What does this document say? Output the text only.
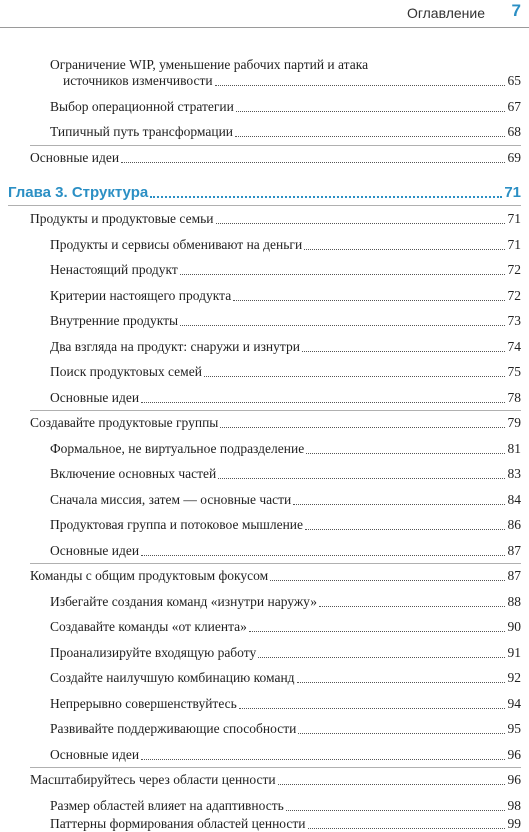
Оглавление 7
Ограничение WIP, уменьшение рабочих партий и атака
источников изменчивости	65
Выбор операционной стратегии	67
Типичный путь трансформации	68
Основные идеи	69
Глава 3. Структура	71
Продукты и продуктовые семьи	71
Продукты и сервисы обменивают на деньги	71
Ненастоящий продукт	72
Критерии настоящего продукта	72
Внутренние продукты	73
Два взгляда на продукт: снаружи и изнутри	74
Поиск продуктовых семей	75
Основные идеи	78
Создавайте продуктовые группы	79
Формальное, не виртуальное подразделение	81
Включение основных частей	83
Сначала миссия, затем — основные части	84
Продуктовая группа и потоковое мышление	86
Основные идеи	87
Команды с общим продуктовым фокусом	87
Избегайте создания команд «изнутри наружу»	88
Создавайте команды «от клиента»	90
Проанализируйте входящую работу	91
Создайте наилучшую комбинацию команд	92
Непрерывно совершенствуйтесь	94
Развивайте поддерживающие способности	95
Основные идеи	96
Масштабируйтесь через области ценности	96
Размер областей влияет на адаптивность	98
Паттерны формирования областей ценности	99
